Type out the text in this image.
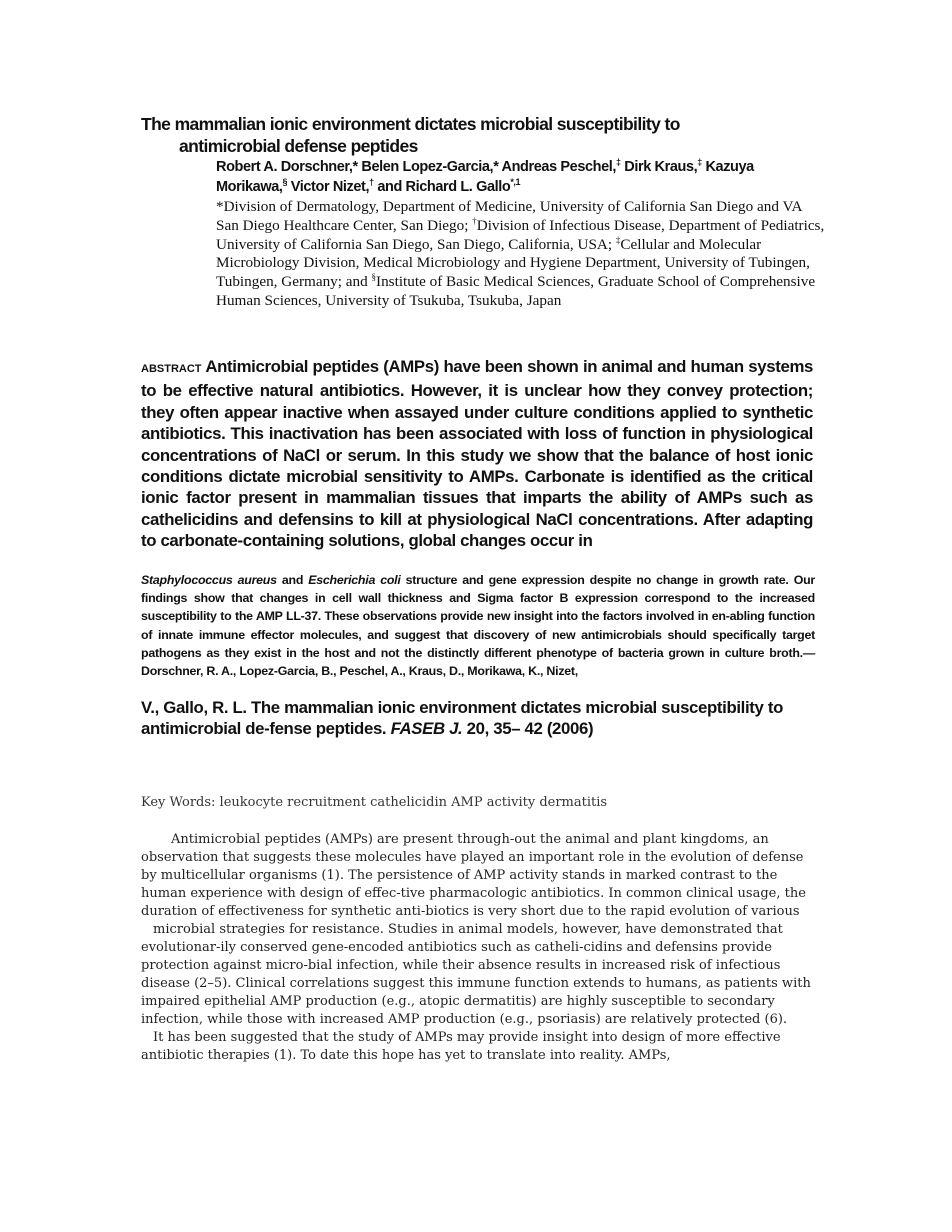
The mammalian ionic environment dictates microbial susceptibility to
antimicrobial defense peptides
Robert A. Dorschner,* Belen Lopez-Garcia,* Andreas Peschel,‡ Dirk Kraus,‡ Kazuya Morikawa,§ Victor Nizet,† and Richard L. Gallo$^{*,1}$
*Division of Dermatology, Department of Medicine, University of California San Diego and VA San Diego Healthcare Center, San Diego; †Division of Infectious Disease, Department of Pediatrics, University of California San Diego, San Diego, California, USA; ‡Cellular and Molecular Microbiology Division, Medical Microbiology and Hygiene Department, University of Tubingen, Tubingen, Germany; and §Institute of Basic Medical Sciences, Graduate School of Comprehensive Human Sciences, University of Tsukuba, Tsukuba, Japan
ABSTRACT Antimicrobial peptides (AMPs) have been shown in animal and human systems to be effective natural antibiotics. However, it is unclear how they convey protection; they often appear inactive when assayed under culture conditions applied to synthetic antibiotics. This inactivation has been associated with loss of function in physiological concentrations of NaCl or serum. In this study we show that the balance of host ionic conditions dictate microbial sensitivity to AMPs. Carbonate is identified as the critical ionic factor present in mammalian tissues that imparts the ability of AMPs such as cathelicidins and defensins to kill at physiological NaCl concentrations. After adapting to carbonate-containing solutions, global changes occur in
Staphylococcus aureus and Escherichia coli structure and gene expression despite no change in growth rate. Our findings show that changes in cell wall thickness and Sigma factor B expression correspond to the increased susceptibility to the AMP LL-37. These observations provide new insight into the factors involved in en-abling function of innate immune effector molecules, and suggest that discovery of new antimicrobials should specifically target pathogens as they exist in the host and not the distinctly different phenotype of bacteria grown in culture broth.—Dorschner, R. A., Lopez-Garcia, B., Peschel, A., Kraus, D., Morikawa, K., Nizet,
V., Gallo, R. L. The mammalian ionic environment dictates microbial susceptibility to antimicrobial de-fense peptides. FASEB J. 20, 35– 42 (2006)
Key Words: leukocyte recruitment cathelicidin AMP activity dermatitis

Antimicrobial peptides (AMPs) are present through-out the animal and plant kingdoms, an observation that suggests these molecules have played an important role in the evolution of defense by multicellular organisms (1). The persistence of AMP activity stands in marked contrast to the human experience with design of effec-tive pharmacologic antibiotics. In common clinical usage, the duration of effectiveness for synthetic anti-biotics is very short due to the rapid evolution of various

microbial strategies for resistance. Studies in animal models, however, have demonstrated that evolutionar-ily conserved gene-encoded antibiotics such as catheli-cidins and defensins provide protection against micro-bial infection, while their absence results in increased risk of infectious disease (2–5). Clinical correlations suggest this immune function extends to humans, as patients with impaired epithelial AMP production (e.g., atopic dermatitis) are highly susceptible to secondary infection, while those with increased AMP production (e.g., psoriasis) are relatively protected (6).

It has been suggested that the study of AMPs may provide insight into design of more effective antibiotic therapies (1). To date this hope has yet to translate into reality. AMPs,
